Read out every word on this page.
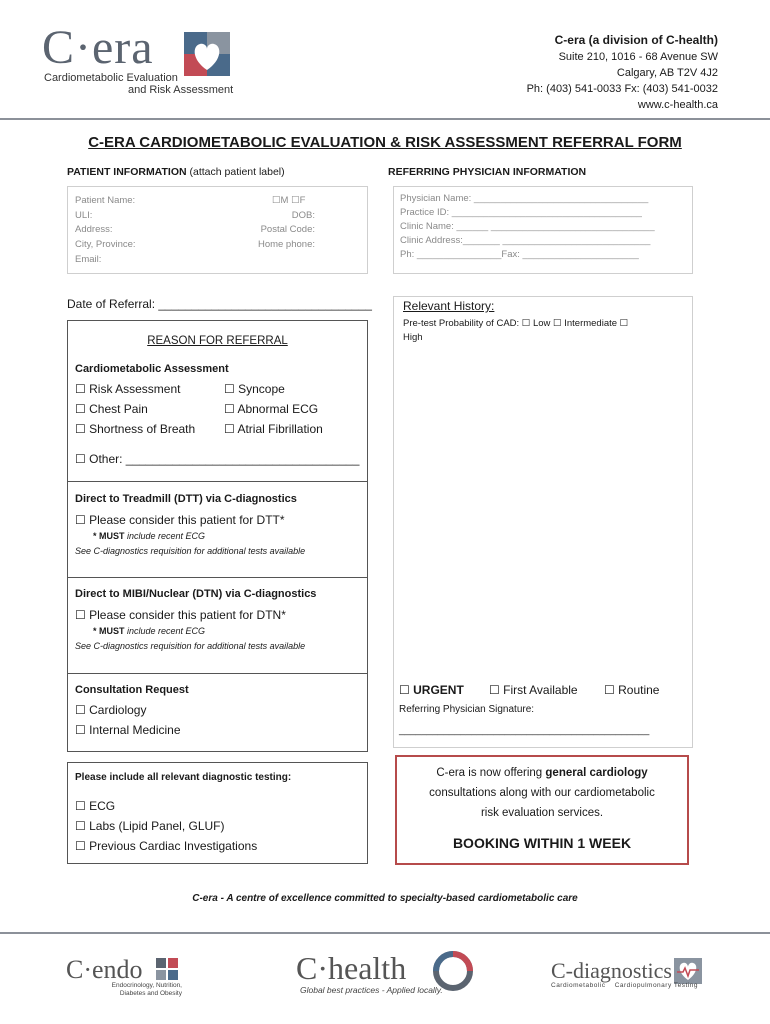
C·era
Cardiometabolic Evaluation
and Risk Assessment
C-era (a division of C-health)
Suite 210, 1016 - 68 Avenue SW
Calgary, AB T2V 4J2
Ph: (403) 541-0033 Fx: (403) 541-0032
www.c-health.ca
C-ERA CARDIOMETABOLIC EVALUATION & RISK ASSESSMENT REFERRAL FORM
PATIENT INFORMATION (attach patient label)
Patient Name:	☐M ☐F
ULI:	DOB:
Address:	Postal Code:
City, Province:	Home phone:
Email:
REFERRING PHYSICIAN INFORMATION
Physician Name: _________________________________
Practice ID: ____________________________________
Clinic Name: ______ _______________________________
Clinic Address:_______ ____________________________
Ph: ________________Fax: ______________________
Date of Referral: ________________________________
REASON FOR REFERRAL
Cardiometabolic Assessment
☐ Risk Assessment
☐ Chest Pain
☐ Shortness of Breath
☐ Syncope
☐ Abnormal ECG
☐ Atrial Fibrillation
☐ Other: ___________________________________
Direct to Treadmill (DTT) via C-diagnostics
☐ Please consider this patient for DTT*
* MUST include recent ECG
See C-diagnostics requisition for additional tests available
Direct to MIBI/Nuclear (DTN) via C-diagnostics
☐ Please consider this patient for DTN*
* MUST include recent ECG
See C-diagnostics requisition for additional tests available
Consultation Request
☐ Cardiology
☐ Internal Medicine
Please include all relevant diagnostic testing:
☐ ECG
☐ Labs (Lipid Panel, GLUF)
☐ Previous Cardiac Investigations
Relevant History:
Pre-test Probability of CAD: ☐ Low ☐ Intermediate ☐
High
☐ URGENT ☐ First Available ☐ Routine
Referring Physician Signature:
_____________________________________________
C-era is now offering general cardiology
consultations along with our cardiometabolic
risk evaluation services.
BOOKING WITHIN 1 WEEK
C-era - A centre of excellence committed to specialty-based cardiometabolic care
C·endo
Endocrinology, Nutrition,
Diabetes and Obesity
C·health
Global best practices - Applied locally.
C-diagnostics
Cardiometabolic Cardiopulmonary Testing
